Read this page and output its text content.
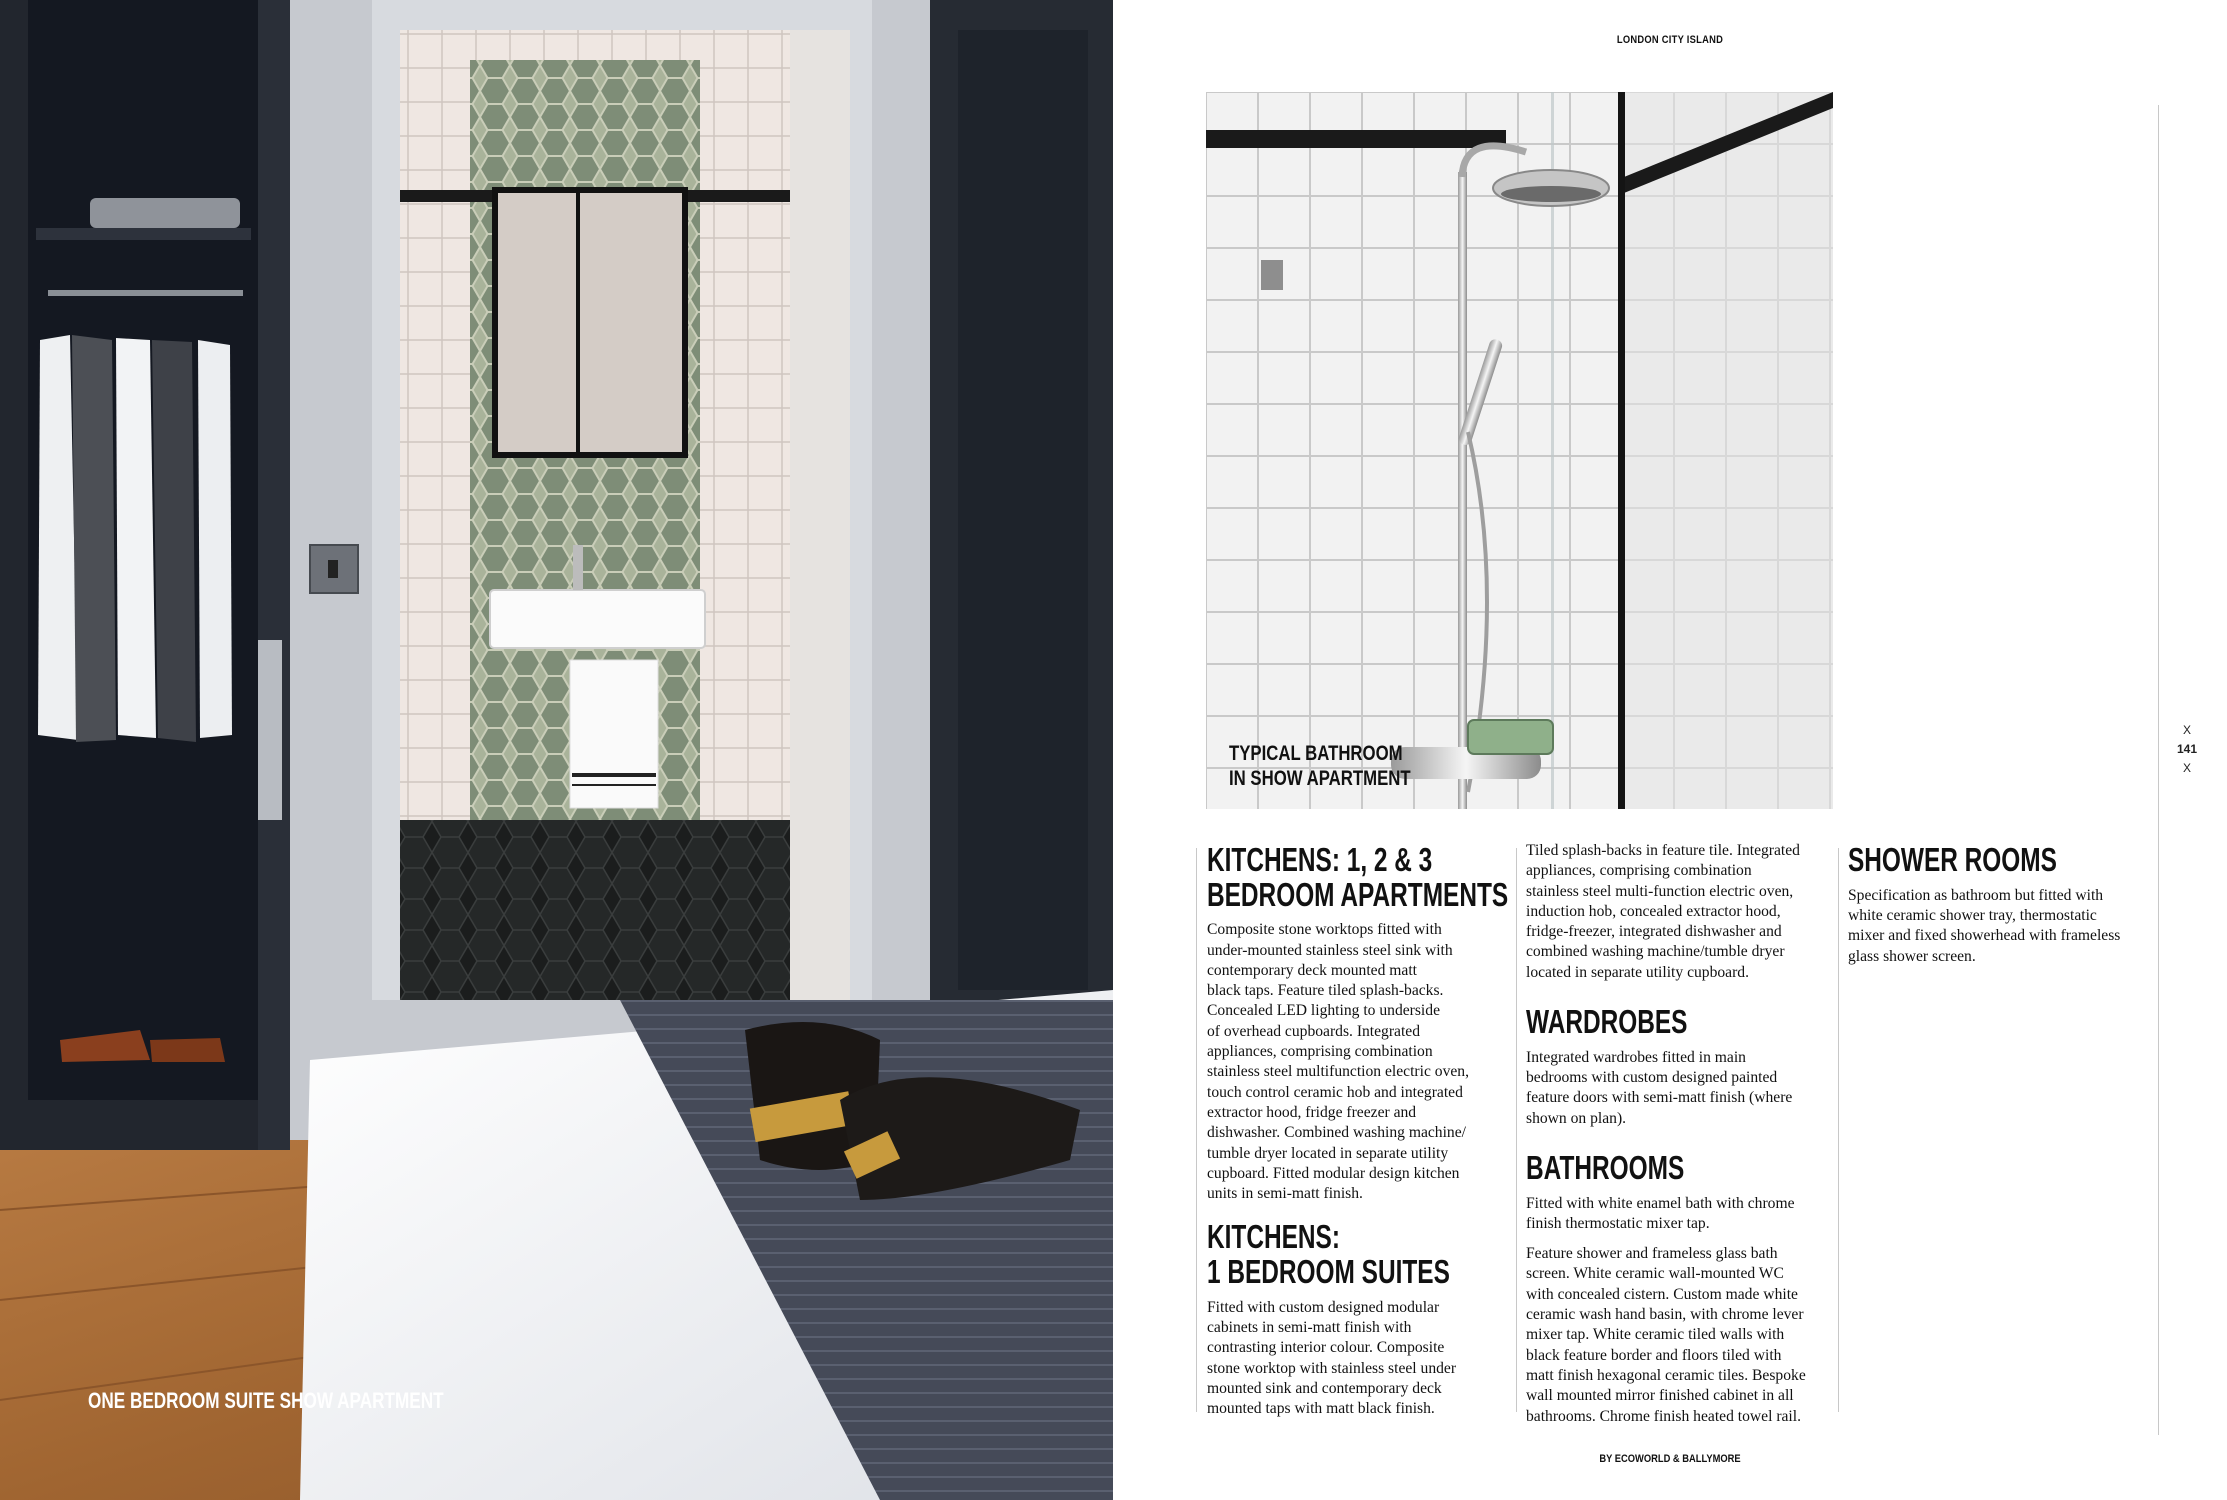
ONE BEDROOM SUITE SHOW APARTMENT
LONDON CITY ISLAND
TYPICAL BATHROOM
IN SHOW APARTMENT
KITCHENS: 1, 2 & 3
BEDROOM APARTMENTS
Composite stone worktops fitted with
under-mounted stainless steel sink with
contemporary deck mounted matt
black taps. Feature tiled splash-backs.
Concealed LED lighting to underside
of overhead cupboards. Integrated
appliances, comprising combination
stainless steel multifunction electric oven,
touch control ceramic hob and integrated
extractor hood, fridge freezer and
dishwasher. Combined washing machine/
tumble dryer located in separate utility
cupboard. Fitted modular design kitchen
units in semi-matt finish.
KITCHENS:
1 BEDROOM SUITES
Fitted with custom designed modular
cabinets in semi-matt finish with
contrasting interior colour. Composite
stone worktop with stainless steel under
mounted sink and contemporary deck
mounted taps with matt black finish.
Tiled splash-backs in feature tile. Integrated
appliances, comprising combination
stainless steel multi-function electric oven,
induction hob, concealed extractor hood,
fridge-freezer, integrated dishwasher and
combined washing machine/tumble dryer
located in separate utility cupboard.
WARDROBES
Integrated wardrobes fitted in main
bedrooms with custom designed painted
feature doors with semi-matt finish (where
shown on plan).
BATHROOMS
Fitted with white enamel bath with chrome
finish thermostatic mixer tap.
Feature shower and frameless glass bath
screen. White ceramic wall-mounted WC
with concealed cistern. Custom made white
ceramic wash hand basin, with chrome lever
mixer tap. White ceramic tiled walls with
black feature border and floors tiled with
matt finish hexagonal ceramic tiles. Bespoke
wall mounted mirror finished cabinet in all
bathrooms. Chrome finish heated towel rail.
SHOWER ROOMS
Specification as bathroom but fitted with
white ceramic shower tray, thermostatic
mixer and fixed showerhead with frameless
glass shower screen.
BY ECOWORLD & BALLYMORE
X
141
X
